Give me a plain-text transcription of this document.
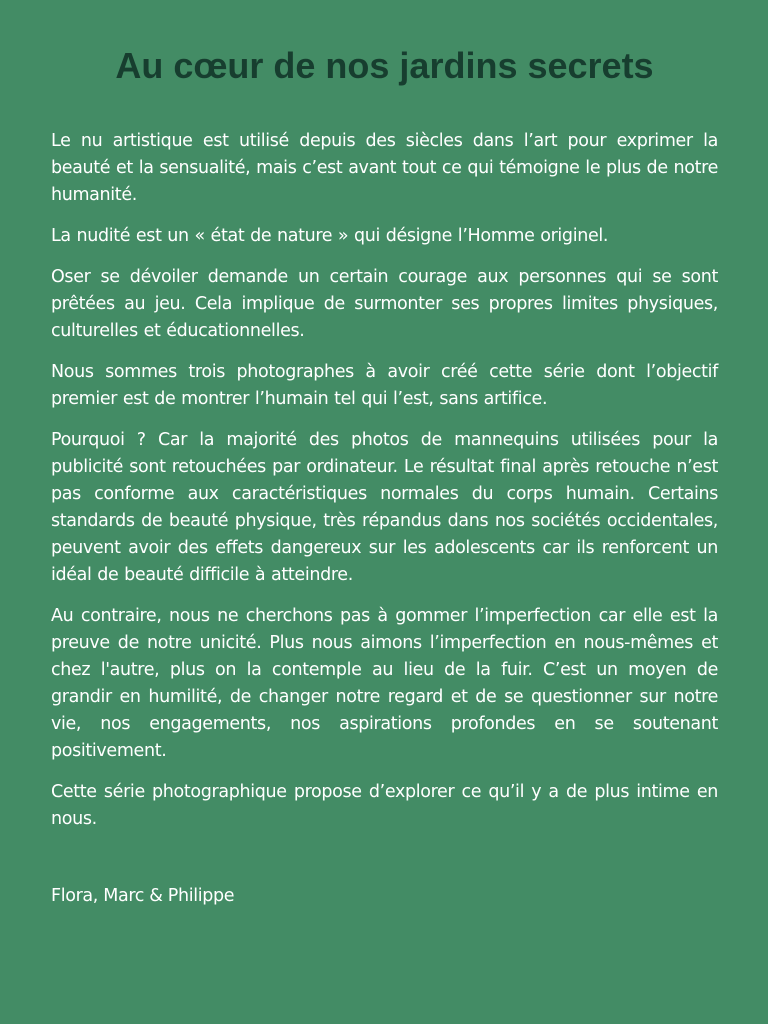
Au cœur de nos jardins secrets

Le nu artistique est utilisé depuis des siècles dans l’art pour exprimer la beauté et la sensualité, mais c’est avant tout ce qui témoigne le plus de notre humanité.

La nudité est un « état de nature » qui désigne l’Homme originel.

Oser se dévoiler demande un certain courage aux personnes qui se sont prêtées au jeu. Cela implique de surmonter ses propres limites physiques, culturelles et éducationnelles.

Nous sommes trois photographes à avoir créé cette série dont l’objectif premier est de montrer l’humain tel qui l’est, sans artifice.

Pourquoi ? Car la majorité des photos de mannequins utilisées pour la publicité sont retouchées par ordinateur. Le résultat final après retouche n’est pas conforme aux caractéristiques normales du corps humain. Certains standards de beauté physique, très répandus dans nos sociétés occidentales, peuvent avoir des effets dangereux sur les adolescents car ils renforcent un idéal de beauté difficile à atteindre.

Au contraire, nous ne cherchons pas à gommer l’imperfection car elle est la preuve de notre unicité. Plus nous aimons l’imperfection en nous-mêmes et chez l'autre, plus on la contemple au lieu de la fuir. C’est un moyen de grandir en humilité, de changer notre regard et de se questionner sur notre vie, nos engagements, nos aspirations profondes en se soutenant positivement.

Cette série photographique propose d’explorer ce qu’il y a de plus intime en nous.

Flora, Marc & Philippe
